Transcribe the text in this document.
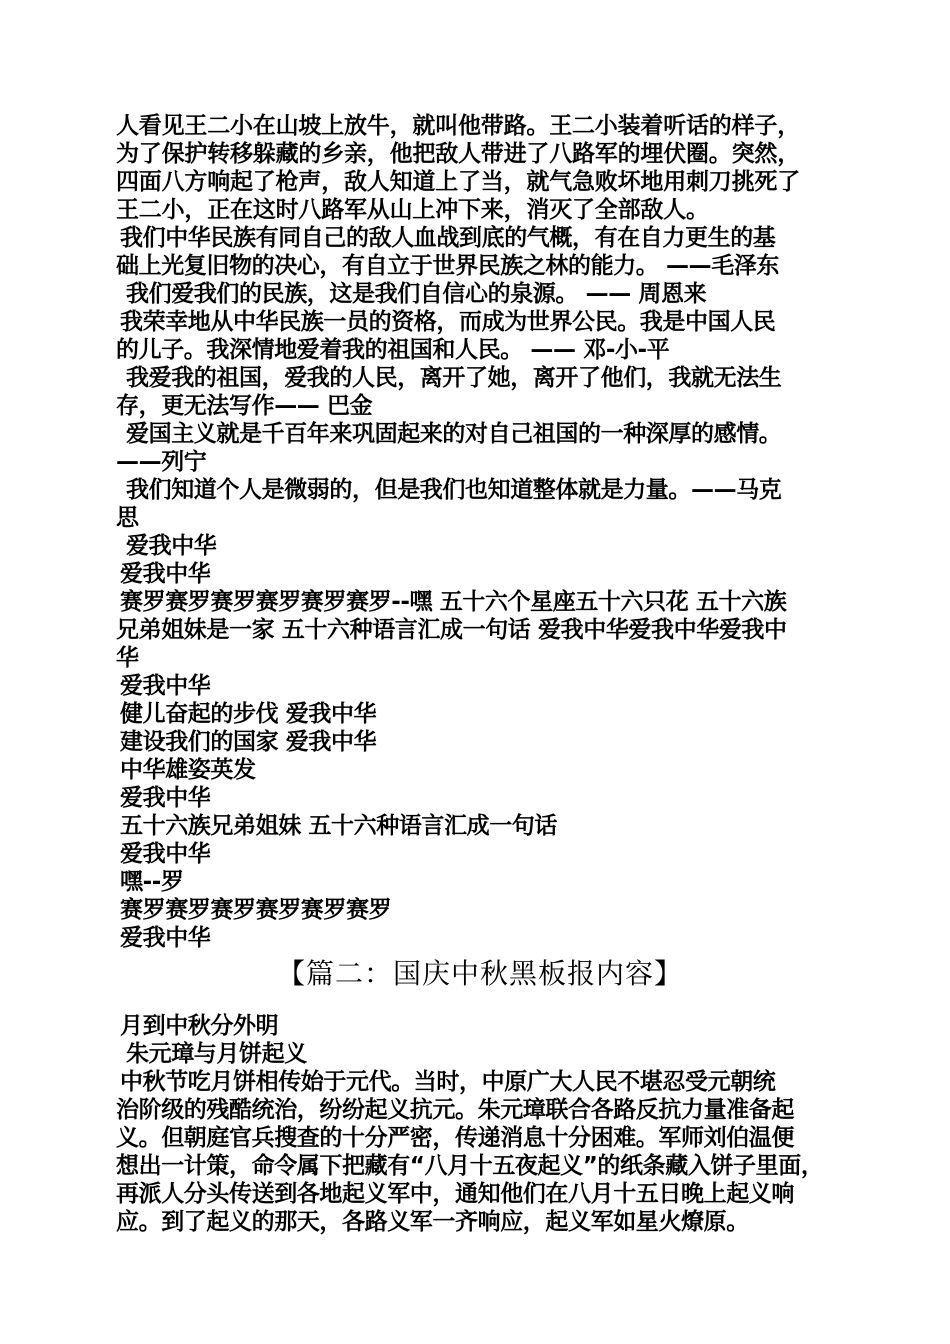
人看见王二小在山坡上放牛，就叫他带路。王二小装着听话的样子，
为了保护转移躲藏的乡亲，他把敌人带进了八路军的埋伏圈。突然，
四面八方响起了枪声，敌人知道上了当，就气急败坏地用刺刀挑死了
王二小，正在这时八路军从山上冲下来，消灭了全部敌人。
我们中华民族有同自己的敌人血战到底的气概，有在自力更生的基
础上光复旧物的决心，有自立于世界民族之林的能力。 ——毛泽东
我们爱我们的民族，这是我们自信心的泉源。 —— 周恩来
我荣幸地从中华民族一员的资格，而成为世界公民。我是中国人民
的儿子。我深情地爱着我的祖国和人民。 —— 邓-小-平
我爱我的祖国，爱我的人民，离开了她，离开了他们，我就无法生
存，更无法写作—— 巴金
爱国主义就是千百年来巩固起来的对自己祖国的一种深厚的感情。
——列宁
我们知道个人是微弱的，但是我们也知道整体就是力量。——马克
思
爱我中华
爱我中华
赛罗赛罗赛罗赛罗赛罗赛罗--嘿 五十六个星座五十六只花 五十六族
兄弟姐妹是一家 五十六种语言汇成一句话 爱我中华爱我中华爱我中
华
爱我中华
健儿奋起的步伐 爱我中华
建设我们的国家 爱我中华
中华雄姿英发
爱我中华
五十六族兄弟姐妹 五十六种语言汇成一句话
爱我中华
嘿--罗
赛罗赛罗赛罗赛罗赛罗赛罗
爱我中华
【篇二：国庆中秋黑板报内容】
月到中秋分外明
朱元璋与月饼起义
中秋节吃月饼相传始于元代。当时，中原广大人民不堪忍受元朝统
治阶级的残酷统治，纷纷起义抗元。朱元璋联合各路反抗力量准备起
义。但朝庭官兵搜查的十分严密，传递消息十分困难。军师刘伯温便
想出一计策，命令属下把藏有“八月十五夜起义”的纸条藏入饼子里面，
再派人分头传送到各地起义军中，通知他们在八月十五日晚上起义响
应。到了起义的那天，各路义军一齐响应，起义军如星火燎原。
